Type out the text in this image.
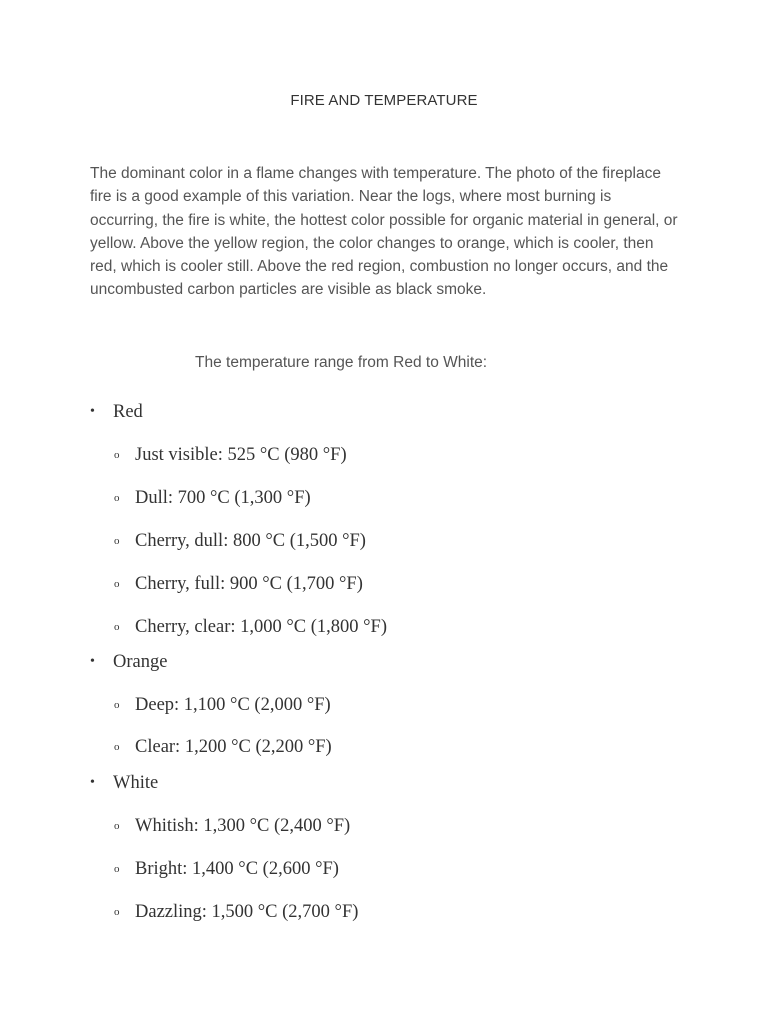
FIRE AND TEMPERATURE

The dominant color in a flame changes with temperature. The photo of the fireplace fire is a good example of this variation. Near the logs, where most burning is occurring, the fire is white, the hottest color possible for organic material in general, or yellow. Above the yellow region, the color changes to orange, which is cooler, then red, which is cooler still. Above the red region, combustion no longer occurs, and the uncombusted carbon particles are visible as black smoke.

The temperature range from Red to White:
• Red
o Just visible: 525 °C (980 °F)
o Dull: 700 °C (1,300 °F)
o Cherry, dull: 800 °C (1,500 °F)
o Cherry, full: 900 °C (1,700 °F)
o Cherry, clear: 1,000 °C (1,800 °F)
• Orange
o Deep: 1,100 °C (2,000 °F)
o Clear: 1,200 °C (2,200 °F)
• White
o Whitish: 1,300 °C (2,400 °F)
o Bright: 1,400 °C (2,600 °F)
o Dazzling: 1,500 °C (2,700 °F)
